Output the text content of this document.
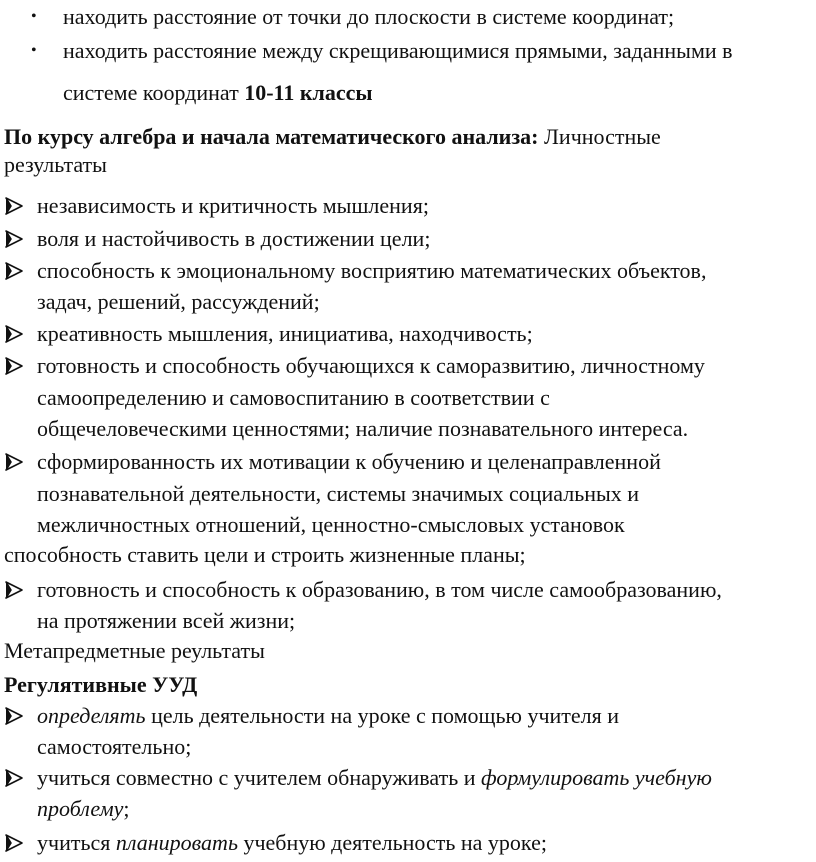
• находить расстояние от точки до плоскости в системе координат;
• находить расстояние между скрещивающимися прямыми, заданными в
системе координат 10-11 классы
По курсу алгебра и начала математического анализа: Личностные
результаты
независимость и критичность мышления;
воля и настойчивость в достижении цели;
способность к эмоциональному восприятию математических объектов,
задач, решений, рассуждений;
креативность мышления, инициатива, находчивость;
готовность и способность обучающихся к саморазвитию, личностному
самоопределению и самовоспитанию в соответствии с
общечеловеческими ценностями; наличие познавательного интереса.
сформированность их мотивации к обучению и целенаправленной
познавательной деятельности, системы значимых социальных и
межличностных отношений, ценностно-смысловых установок
способность ставить цели и строить жизненные планы;
готовность и способность к образованию, в том числе самообразованию,
на протяжении всей жизни;
Метапредметные реультаты
Регулятивные УУД
определять цель деятельности на уроке с помощью учителя и
самостоятельно;
учиться совместно с учителем обнаруживать и формулировать учебную
проблему;
учиться планировать учебную деятельность на уроке;
